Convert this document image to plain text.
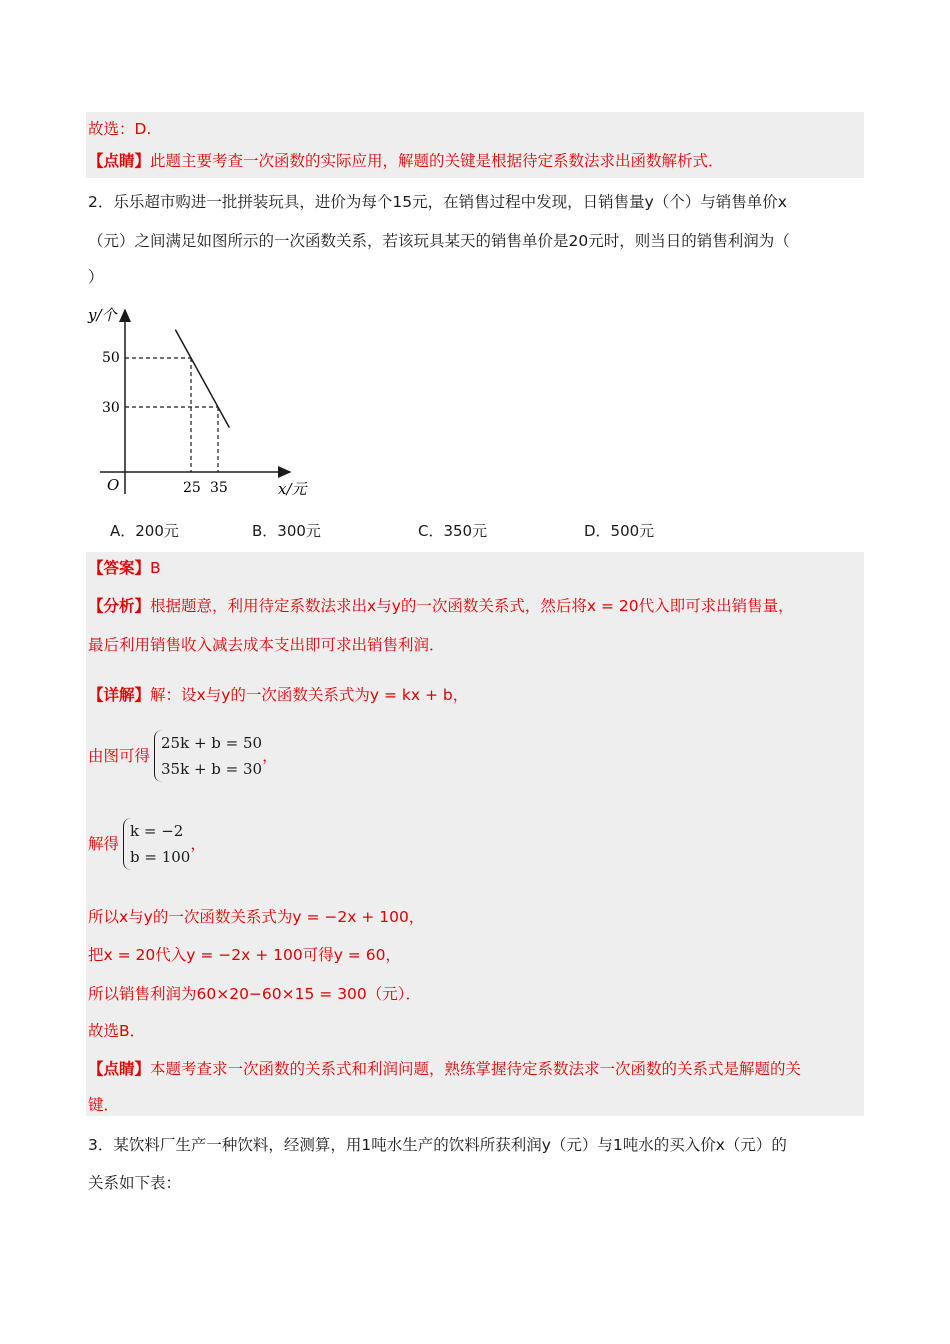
故选：D.
【点睛】此题主要考查一次函数的实际应用，解题的关键是根据待定系数法求出函数解析式．
2．乐乐超市购进一批拼装玩具，进价为每个15元，在销售过程中发现，日销售量y（个）与销售单价x
（元）之间满足如图所示的一次函数关系，若该玩具某天的销售单价是20元时，则当日的销售利润为（
）
y/个
x/元
O
50
30
25 35
A．200元	B．300元	C．350元	D．500元
【答案】B
【分析】根据题意，利用待定系数法求出x与y的一次函数关系式，然后将x = 20代入即可求出销售量，
最后利用销售收入减去成本支出即可求出销售利润．
【详解】解：设x与y的一次函数关系式为y = kx + b，
由图可得
25k + b = 50
35k + b = 30
，
解得
k = −2
b = 100
，
所以x与y的一次函数关系式为y = −2x + 100，
把x = 20代入y = −2x + 100可得y = 60，
所以销售利润为60×20−60×15 = 300（元）．
故选B．
【点睛】本题考查求一次函数的关系式和利润问题，熟练掌握待定系数法求一次函数的关系式是解题的关
键．
3．某饮料厂生产一种饮料，经测算，用1吨水生产的饮料所获利润y（元）与1吨水的买入价x（元）的
关系如下表：
